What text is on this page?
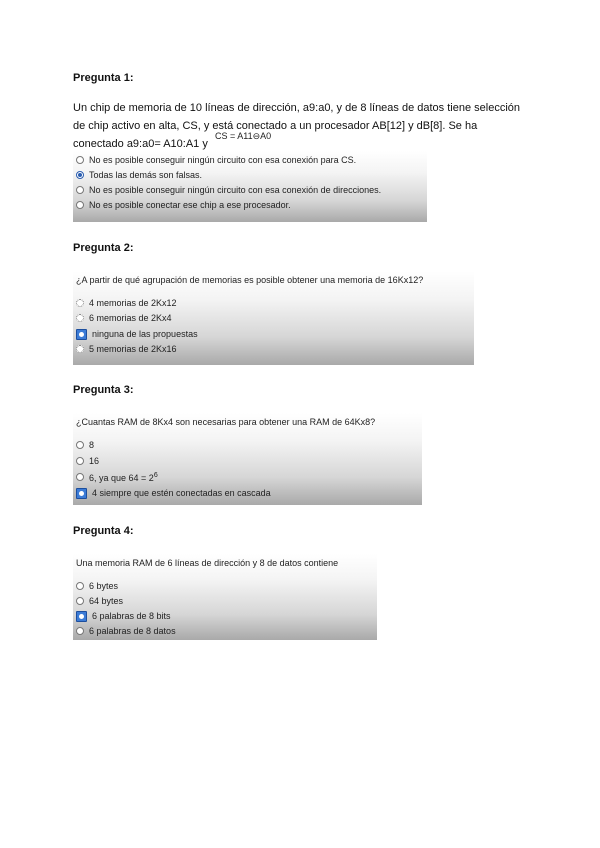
Pregunta 1:
Un chip de memoria de 10 líneas de dirección, a9:a0, y de 8 líneas de datos tiene selección
de chip activo en alta, CS, y está conectado a un procesador AB[12] y dB[8]. Se ha
conectado a9:a0= A10:A1 y
CS = A11⊖A0
No es posible conseguir ningún circuito con esa conexión para CS.
Todas las demás son falsas.
No es posible conseguir ningún circuito con esa conexión de direcciones.
No es posible conectar ese chip a ese procesador.
Pregunta 2:
¿A partir de qué agrupación de memorias es posible obtener una memoria de 16Kx12?
4 memorias de 2Kx12
6 memorias de 2Kx4
ninguna de las propuestas
5 memorias de 2Kx16
Pregunta 3:
¿Cuantas RAM de 8Kx4 son necesarias para obtener una RAM de 64Kx8?
8
16
6, ya que $64 = 2^6$
4 siempre que estén conectadas en cascada
Pregunta 4:
Una memoria RAM de 6 líneas de dirección y 8 de datos contiene
6 bytes
64 bytes
6 palabras de 8 bits
6 palabras de 8 datos
